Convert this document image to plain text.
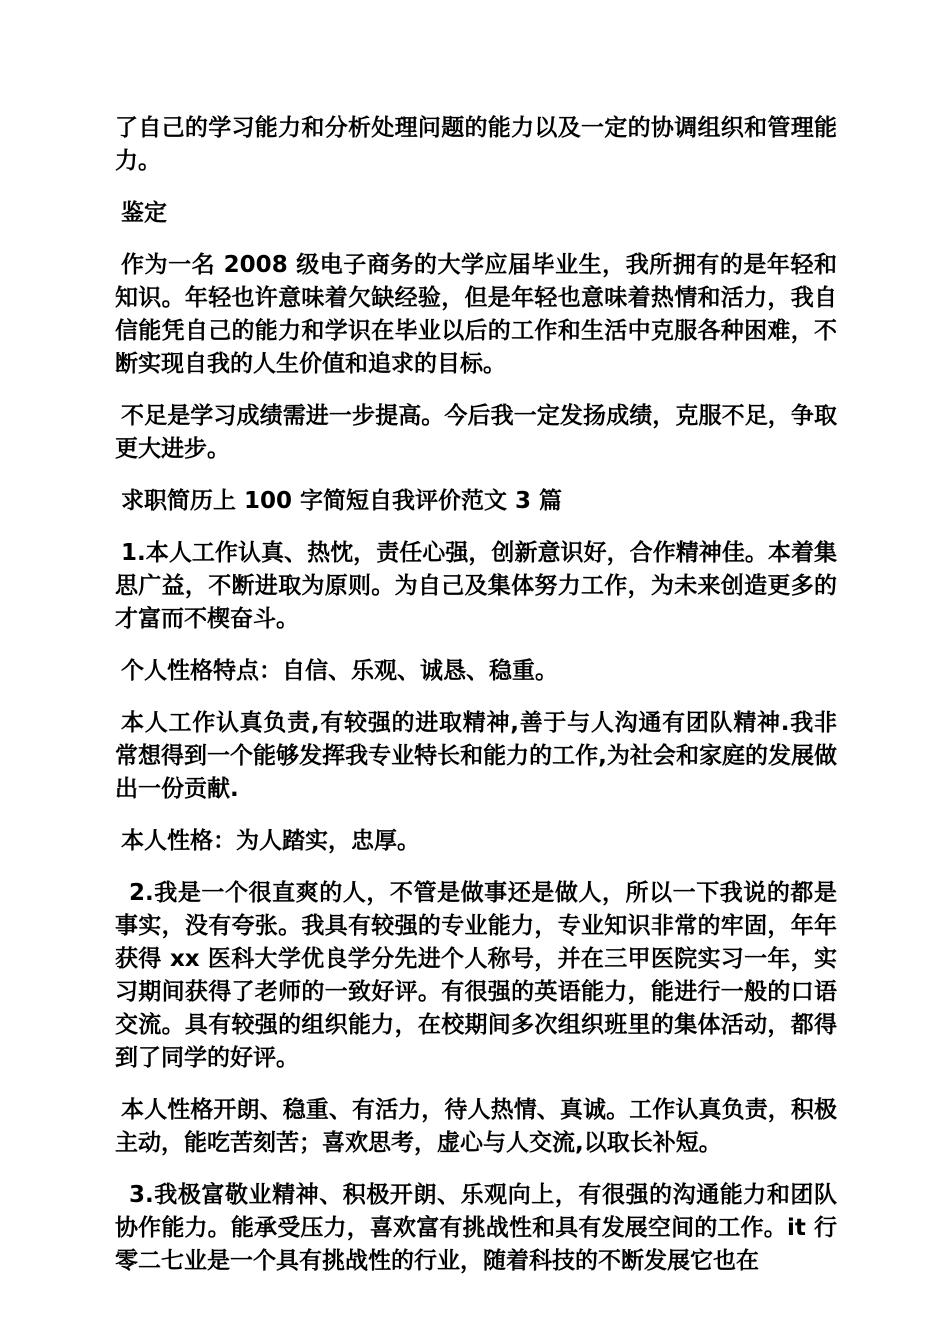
了自己的学习能力和分析处理问题的能力以及一定的协调组织和管理能力。

鉴定

作为一名 2008 级电子商务的大学应届毕业生，我所拥有的是年轻和知识。年轻也许意味着欠缺经验，但是年轻也意味着热情和活力，我自信能凭自己的能力和学识在毕业以后的工作和生活中克服各种困难，不断实现自我的人生价值和追求的目标。

不足是学习成绩需进一步提高。今后我一定发扬成绩，克服不足，争取更大进步。

求职简历上 100 字简短自我评价范文 3 篇

1.本人工作认真、热忱，责任心强，创新意识好，合作精神佳。本着集思广益，不断进取为原则。为自己及集体努力工作，为未来创造更多的才富而不楔奋斗。

个人性格特点：自信、乐观、诚恳、稳重。

本人工作认真负责,有较强的进取精神,善于与人沟通有团队精神.我非常想得到一个能够发挥我专业特长和能力的工作,为社会和家庭的发展做出一份贡献.

本人性格：为人踏实，忠厚。

2.我是一个很直爽的人，不管是做事还是做人，所以一下我说的都是事实，没有夸张。我具有较强的专业能力，专业知识非常的牢固，年年获得 xx 医科大学优良学分先进个人称号，并在三甲医院实习一年，实习期间获得了老师的一致好评。有很强的英语能力，能进行一般的口语交流。具有较强的组织能力，在校期间多次组织班里的集体活动，都得到了同学的好评。

本人性格开朗、稳重、有活力，待人热情、真诚。工作认真负责，积极主动，能吃苦刻苦；喜欢思考，虚心与人交流,以取长补短。

3.我极富敬业精神、积极开朗、乐观向上，有很强的沟通能力和团队协作能力。能承受压力，喜欢富有挑战性和具有发展空间的工作。it 行零二七业是一个具有挑战性的行业，随着科技的不断发展它也在
